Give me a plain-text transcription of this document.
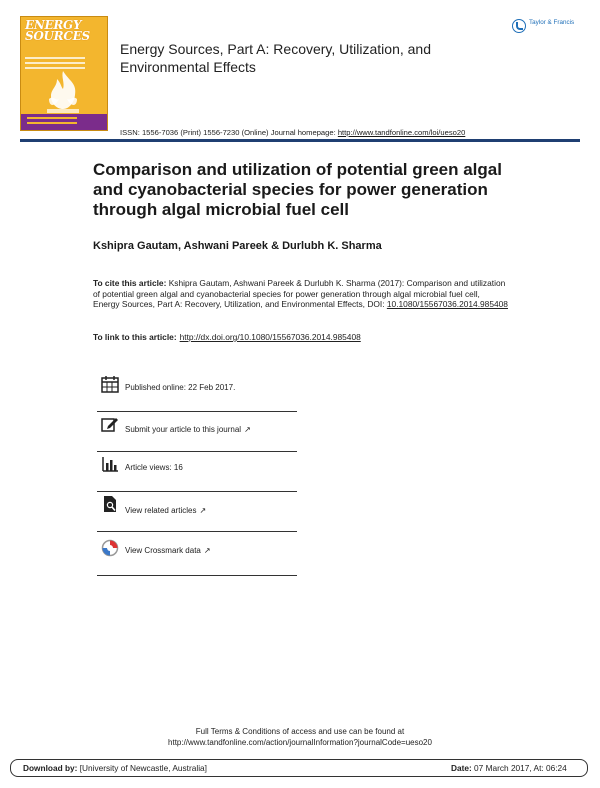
ENERGY
SOURCES
Energy Sources, Part A: Recovery, Utilization, and Environmental Effects
Taylor & Francis
ISSN: 1556-7036 (Print) 1556-7230 (Online) Journal homepage: http://www.tandfonline.com/loi/ueso20
Comparison and utilization of potential green algal and cyanobacterial species for power generation through algal microbial fuel cell
Kshipra Gautam, Ashwani Pareek & Durlubh K. Sharma
To cite this article: Kshipra Gautam, Ashwani Pareek & Durlubh K. Sharma (2017): Comparison and utilization of potential green algal and cyanobacterial species for power generation through algal microbial fuel cell, Energy Sources, Part A: Recovery, Utilization, and Environmental Effects, DOI: 10.1080/15567036.2014.985408
To link to this article: http://dx.doi.org/10.1080/15567036.2014.985408
Published online: 22 Feb 2017.
Submit your article to this journal ↗
Article views: 16
View related articles ↗
View Crossmark data ↗
Full Terms & Conditions of access and use can be found at
http://www.tandfonline.com/action/journalInformation?journalCode=ueso20
Download by: [University of Newcastle, Australia]	Date: 07 March 2017, At: 06:24
